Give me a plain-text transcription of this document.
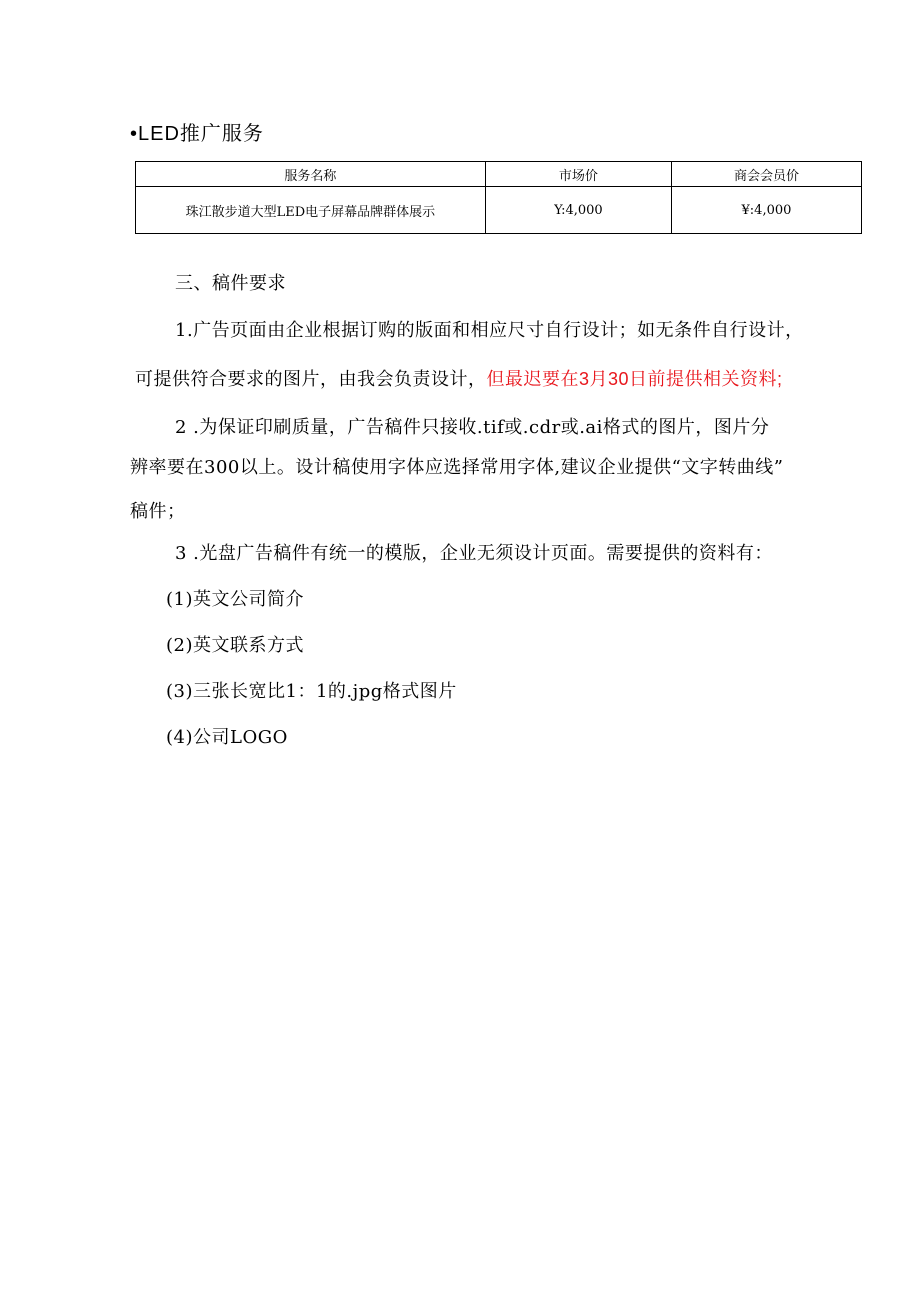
•LED推广服务
服务名称	市场价	商会会员价
珠江散步道大型LED电子屏幕品牌群体展示	Y:4,000	¥:4,000
三、稿件要求
1.广告页面由企业根据订购的版面和相应尺寸自行设计；如无条件自行设计，
可提供符合要求的图片，由我会负责设计，但最迟要在3月30日前提供相关资料;
2 .为保证印刷质量，广告稿件只接收.tif或.cdr或.ai格式的图片，图片分
辨率要在300以上。设计稿使用字体应选择常用字体,建议企业提供“文字转曲线”
稿件；
3 .光盘广告稿件有统一的模版，企业无须设计页面。需要提供的资料有：
(1)英文公司简介
(2)英文联系方式
(3)三张长宽比1：1的.jpg格式图片
(4)公司LOGO
